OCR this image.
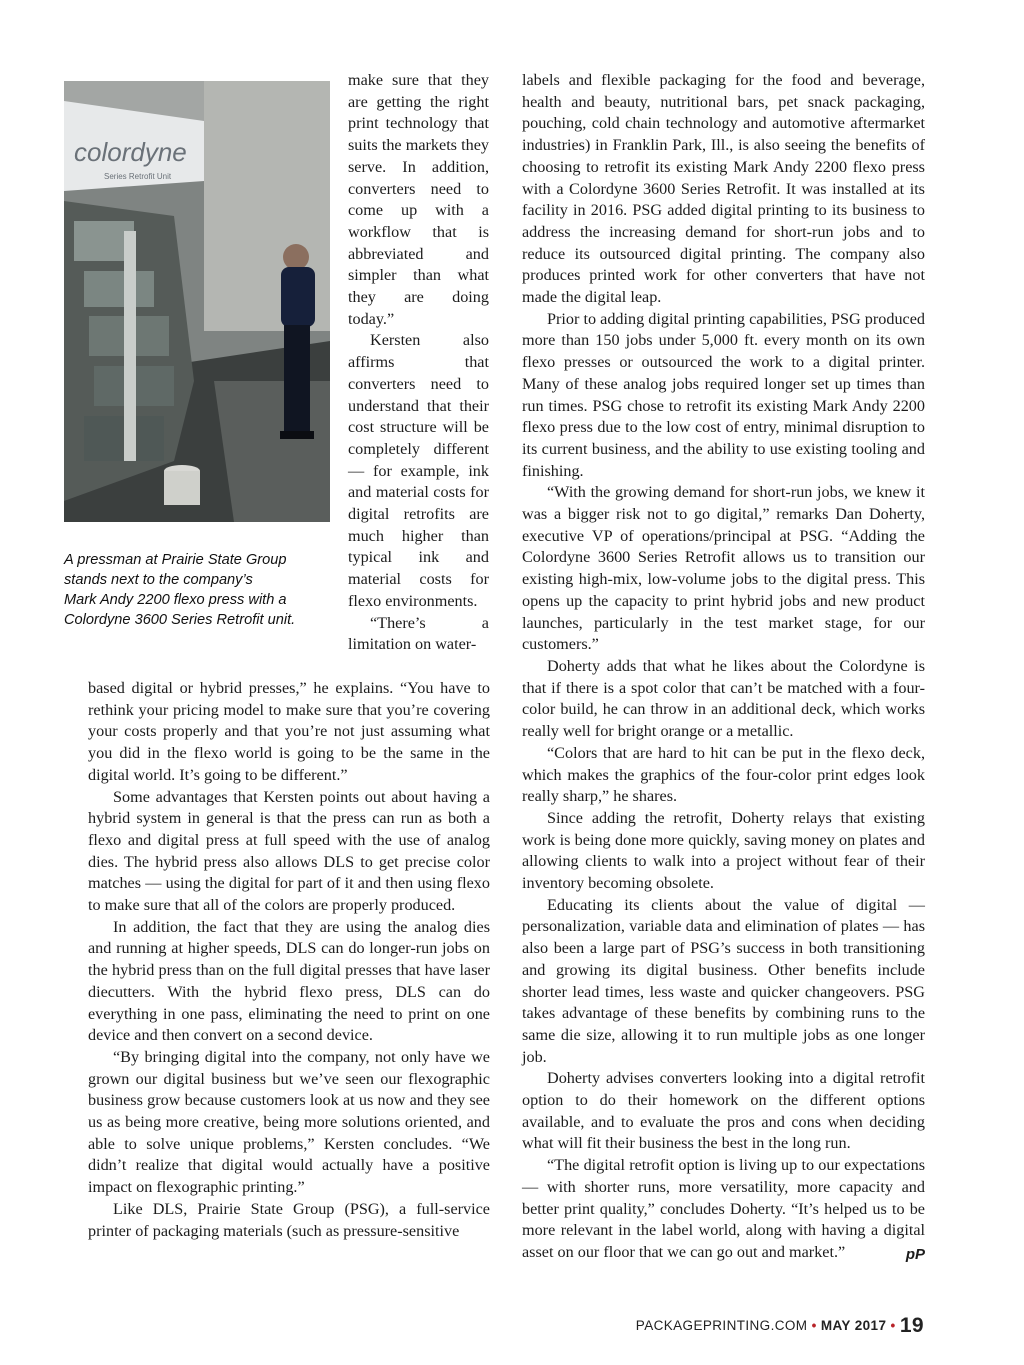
colordyne
Series Retrofit Unit
A pressman at Prairie State Group
stands next to the company’s
Mark Andy 2200 flexo press with a
Colordyne 3600 Series Retrofit unit.

make sure that they are getting the right print technology that suits the markets they serve. In addition, converters need to come up with a workflow that is abbreviated and simpler than what they are doing today.”

Kersten also affirms that converters need to understand that their cost structure will be completely different — for example, ink and material costs for digital retrofits are much higher than typical ink and material costs for flexo environments.

“There’s a limitation on water-

based digital or hybrid presses,” he explains. “You have to rethink your pricing model to make sure that you’re covering your costs properly and that you’re not just assuming what you did in the flexo world is going to be the same in the digital world. It’s going to be different.”

Some advantages that Kersten points out about having a hybrid system in general is that the press can run as both a flexo and digital press at full speed with the use of analog dies. The hybrid press also allows DLS to get precise color matches — using the digital for part of it and then using flexo to make sure that all of the colors are properly produced.

In addition, the fact that they are using the analog dies and running at higher speeds, DLS can do longer-run jobs on the hybrid press than on the full digital presses that have laser diecutters. With the hybrid flexo press, DLS can do everything in one pass, eliminating the need to print on one device and then convert on a second device.

“By bringing digital into the company, not only have we grown our digital business but we’ve seen our flexographic business grow because customers look at us now and they see us as being more creative, being more solutions oriented, and able to solve unique problems,” Kersten concludes. “We didn’t realize that digital would actually have a positive impact on flexographic printing.”

Like DLS, Prairie State Group (PSG), a full-service printer of packaging materials (such as pressure-sensitive

labels and flexible packaging for the food and beverage, health and beauty, nutritional bars, pet snack packaging, pouching, cold chain technology and automotive aftermarket industries) in Franklin Park, Ill., is also seeing the benefits of choosing to retrofit its existing Mark Andy 2200 flexo press with a Colordyne 3600 Series Retrofit. It was installed at its facility in 2016. PSG added digital printing to its business to address the increasing demand for short-run jobs and to reduce its outsourced digital printing. The company also produces printed work for other converters that have not made the digital leap.

Prior to adding digital printing capabilities, PSG produced more than 150 jobs under 5,000 ft. every month on its own flexo presses or outsourced the work to a digital printer. Many of these analog jobs required longer set up times than run times. PSG chose to retrofit its existing Mark Andy 2200 flexo press due to the low cost of entry, minimal disruption to its current business, and the ability to use existing tooling and finishing.

“With the growing demand for short-run jobs, we knew it was a bigger risk not to go digital,” remarks Dan Doherty, executive VP of operations/principal at PSG. “Adding the Colordyne 3600 Series Retrofit allows us to transition our existing high-mix, low-volume jobs to the digital press. This opens up the capacity to print hybrid jobs and new product launches, particularly in the test market stage, for our customers.”

Doherty adds that what he likes about the Colordyne is that if there is a spot color that can’t be matched with a four-color build, he can throw in an additional deck, which works really well for bright orange or a metallic.

“Colors that are hard to hit can be put in the flexo deck, which makes the graphics of the four-color print edges look really sharp,” he shares.

Since adding the retrofit, Doherty relays that existing work is being done more quickly, saving money on plates and allowing clients to walk into a project without fear of their inventory becoming obsolete.

Educating its clients about the value of digital — personalization, variable data and elimination of plates — has also been a large part of PSG’s success in both transitioning and growing its digital business. Other benefits include shorter lead times, less waste and quicker changeovers. PSG takes advantage of these benefits by combining runs to the same die size, allowing it to run multiple jobs as one longer job.

Doherty advises converters looking into a digital retrofit option to do their homework on the different options available, and to evaluate the pros and cons when deciding what will fit their business the best in the long run.

“The digital retrofit option is living up to our expectations — with shorter runs, more versatility, more capacity and better print quality,” concludes Doherty. “It’s helped us to be more relevant in the label world, along with having a digital asset on our floor that we can go out and market.”	pP

PACKAGEPRINTING.COM • MAY 2017 • 19
